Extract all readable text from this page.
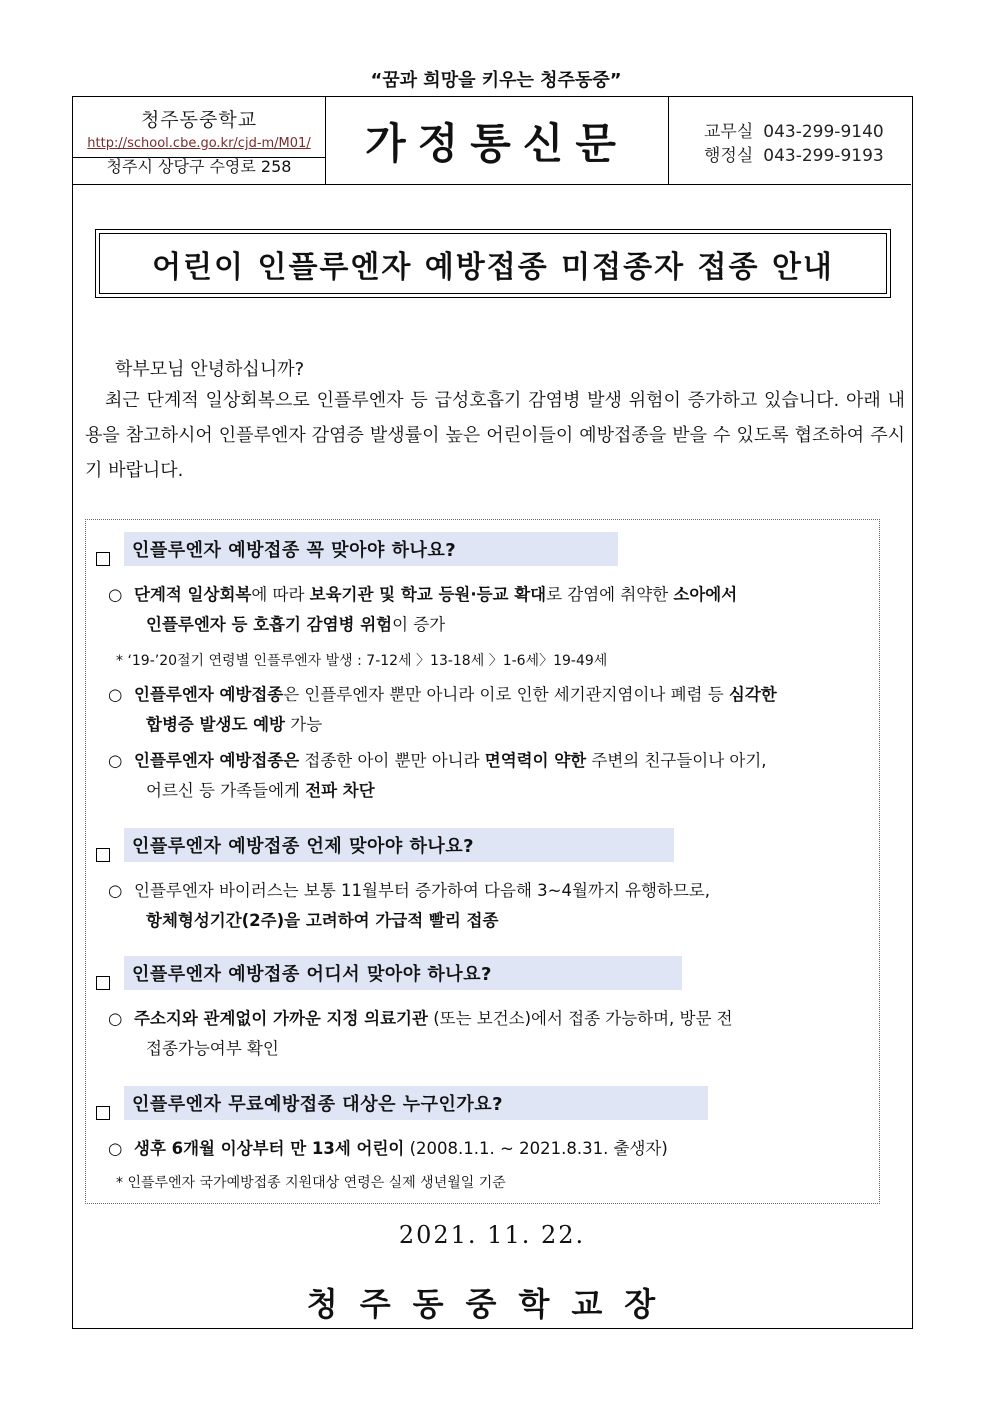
“꿈과 희망을 키우는 청주동중”
청주동중학교
http://school.cbe.go.kr/cjd-m/M01/
청주시 상당구 수영로 258	가정통신문	교무실 043-299-9140
행정실 043-299-9193
어린이 인플루엔자 예방접종 미접종자 접종 안내
학부모님 안녕하십니까?
최근 단계적 일상회복으로 인플루엔자 등 급성호흡기 감염병 발생 위험이 증가하고 있습니다. 아래 내용을 참고하시어 인플루엔자 감염증 발생률이 높은 어린이들이 예방접종을 받을 수 있도록 협조하여 주시기 바랍니다.
인플루엔자 예방접종 꼭 맞아야 하나요?
○ 단계적 일상회복에 따라 보육기관 및 학교 등원·등교 확대로 감염에 취약한 소아에서
인플루엔자 등 호흡기 감염병 위험이 증가
* ‘19-’20절기 연령별 인플루엔자 발생 : 7-12세 〉13-18세 〉1-6세〉19-49세
○ 인플루엔자 예방접종은 인플루엔자 뿐만 아니라 이로 인한 세기관지염이나 폐렴 등 심각한
합병증 발생도 예방 가능
○ 인플루엔자 예방접종은 접종한 아이 뿐만 아니라 면역력이 약한 주변의 친구들이나 아기,
어르신 등 가족들에게 전파 차단
인플루엔자 예방접종 언제 맞아야 하나요?
○ 인플루엔자 바이러스는 보통 11월부터 증가하여 다음해 3~4월까지 유행하므로,
항체형성기간(2주)을 고려하여 가급적 빨리 접종
인플루엔자 예방접종 어디서 맞아야 하나요?
○ 주소지와 관계없이 가까운 지정 의료기관 (또는 보건소)에서 접종 가능하며, 방문 전
접종가능여부 확인
인플루엔자 무료예방접종 대상은 누구인가요?
○ 생후 6개월 이상부터 만 13세 어린이 (2008.1.1. ~ 2021.8.31. 출생자)
* 인플루엔자 국가예방접종 지원대상 연령은 실제 생년월일 기준
2021. 11. 22.
청주동중학교장
